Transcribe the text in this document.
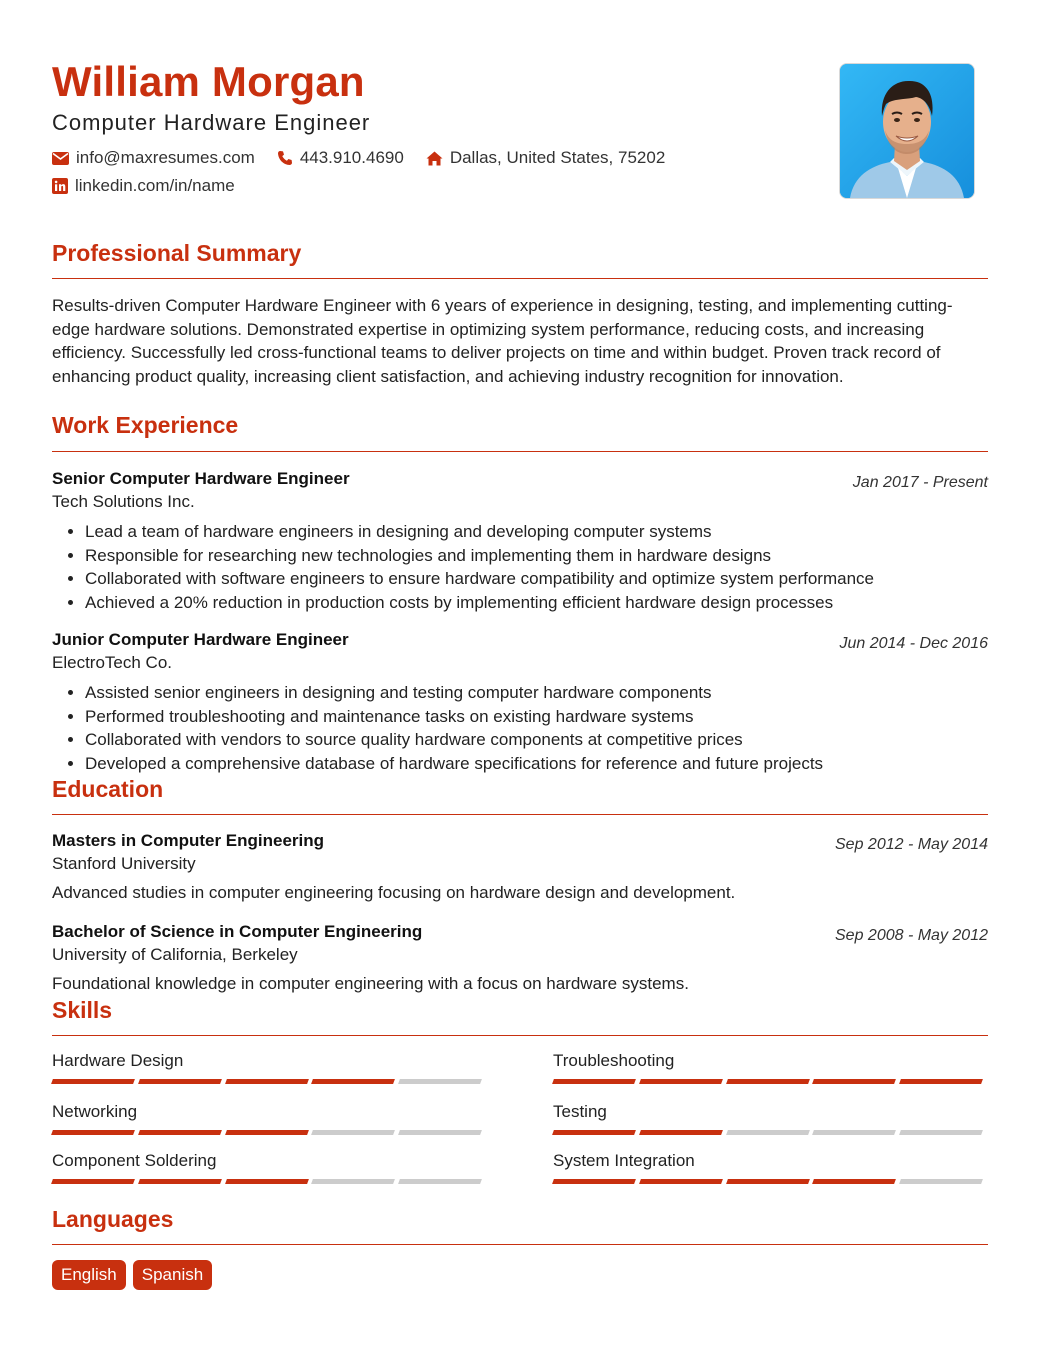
William Morgan
Computer Hardware Engineer
info@maxresumes.com	443.910.4690	Dallas, United States, 75202
linkedin.com/in/name
Professional Summary

Results-driven Computer Hardware Engineer with 6 years of experience in designing, testing, and implementing cutting-edge hardware solutions. Demonstrated expertise in optimizing system performance, reducing costs, and increasing efficiency. Successfully led cross-functional teams to deliver projects on time and within budget. Proven track record of enhancing product quality, increasing client satisfaction, and achieving industry recognition for innovation.

Work Experience
Senior Computer Hardware Engineer	Jan 2017 - Present
Tech Solutions Inc.
• Lead a team of hardware engineers in designing and developing computer systems
• Responsible for researching new technologies and implementing them in hardware designs
• Collaborated with software engineers to ensure hardware compatibility and optimize system performance
• Achieved a 20% reduction in production costs by implementing efficient hardware design processes
Junior Computer Hardware Engineer	Jun 2014 - Dec 2016
ElectroTech Co.
• Assisted senior engineers in designing and testing computer hardware components
• Performed troubleshooting and maintenance tasks on existing hardware systems
• Collaborated with vendors to source quality hardware components at competitive prices
• Developed a comprehensive database of hardware specifications for reference and future projects
Education
Masters in Computer Engineering	Sep 2012 - May 2014
Stanford University
Advanced studies in computer engineering focusing on hardware design and development.
Bachelor of Science in Computer Engineering	Sep 2008 - May 2012
University of California, Berkeley
Foundational knowledge in computer engineering with a focus on hardware systems.
Skills
Hardware Design	Troubleshooting
Networking	Testing
Component Soldering	System Integration
Languages
English	Spanish
